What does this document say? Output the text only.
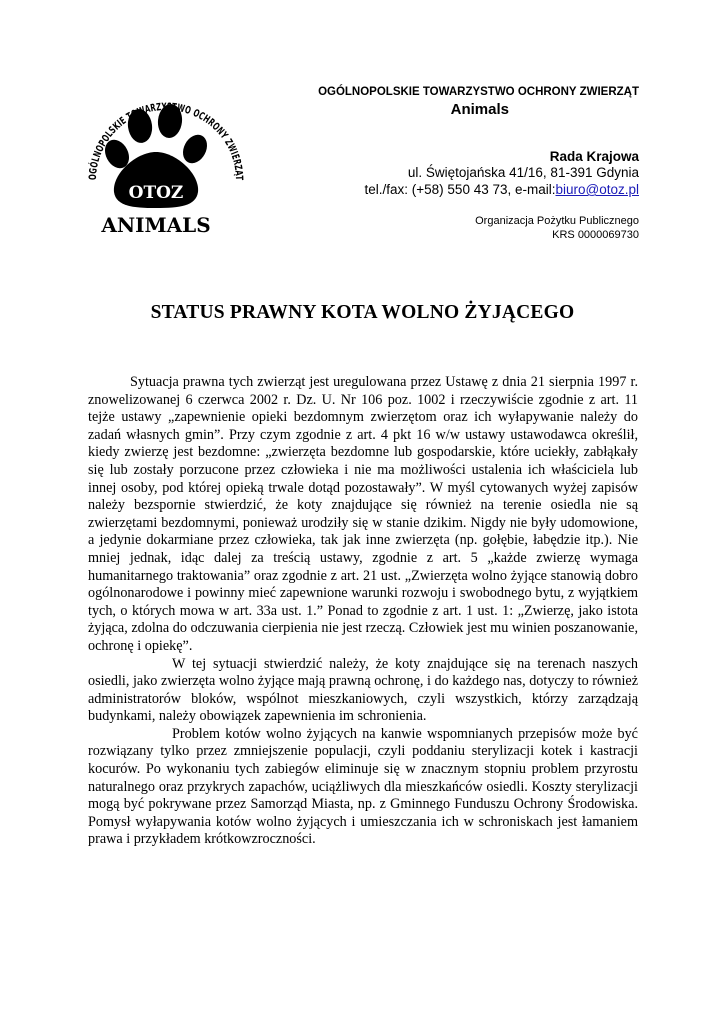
OGÓLNOPOLSKIE ARZ WO OCHRONY ZWIERZĄT
OTOZ
ANIMALS
OGÓLNOPOLSKIE TOWARZYSTWO OCHRONY ZWIERZĄT
Animals
Rada Krajowa
ul. Świętojańska 41/16, 81-391 Gdynia
tel./fax: (+58) 550 43 73, e-mail:biuro@otoz.pl
Organizacja Pożytku Publicznego
KRS 0000069730
STATUS PRAWNY KOTA WOLNO ŻYJĄCEGO

Sytuacja prawna tych zwierząt jest uregulowana przez Ustawę z dnia 21 sierpnia 1997 r. znowelizowanej 6 czerwca 2002 r. Dz. U. Nr 106 poz. 1002 i rzeczywiście zgodnie z art. 11 tejże ustawy „zapewnienie opieki bezdomnym zwierzętom oraz ich wyłapywanie należy do zadań własnych gmin”. Przy czym zgodnie z art. 4 pkt 16 w/w ustawy ustawodawca określił, kiedy zwierzę jest bezdomne: „zwierzęta bezdomne lub gospodarskie, które uciekły, zabłąkały się lub zostały porzucone przez człowieka i nie ma możliwości ustalenia ich właściciela lub innej osoby, pod której opieką trwale dotąd pozostawały”. W myśl cytowanych wyżej zapisów należy bezspornie stwierdzić, że koty znajdujące się również na terenie osiedla nie są zwierzętami bezdomnymi, ponieważ urodziły się w stanie dzikim. Nigdy nie były udomowione, a jedynie dokarmiane przez człowieka, tak jak inne zwierzęta (np. gołębie, łabędzie itp.). Nie mniej jednak, idąc dalej za treścią ustawy, zgodnie z art. 5 „każde zwierzę wymaga humanitarnego traktowania” oraz zgodnie z art. 21 ust. „Zwierzęta wolno żyjące stanowią dobro ogólnonarodowe i powinny mieć zapewnione warunki rozwoju i swobodnego bytu, z wyjątkiem tych, o których mowa w art. 33a ust. 1.” Ponad to zgodnie z art. 1 ust. 1: „Zwierzę, jako istota żyjąca, zdolna do odczuwania cierpienia nie jest rzeczą. Człowiek jest mu winien poszanowanie, ochronę i opiekę”.

W tej sytuacji stwierdzić należy, że koty znajdujące się na terenach naszych osiedli, jako zwierzęta wolno żyjące mają prawną ochronę, i do każdego nas, dotyczy to również administratorów bloków, wspólnot mieszkaniowych, czyli wszystkich, którzy zarządzają budynkami, należy obowiązek zapewnienia im schronienia.

Problem kotów wolno żyjących na kanwie wspomnianych przepisów może być rozwiązany tylko przez zmniejszenie populacji, czyli poddaniu sterylizacji kotek i kastracji kocurów. Po wykonaniu tych zabiegów eliminuje się w znacznym stopniu problem przyrostu naturalnego oraz przykrych zapachów, uciążliwych dla mieszkańców osiedli. Koszty sterylizacji mogą być pokrywane przez Samorząd Miasta, np. z Gminnego Funduszu Ochrony Środowiska. Pomysł wyłapywania kotów wolno żyjących i umieszczania ich w schroniskach jest łamaniem prawa i przykładem krótkowzroczności.
